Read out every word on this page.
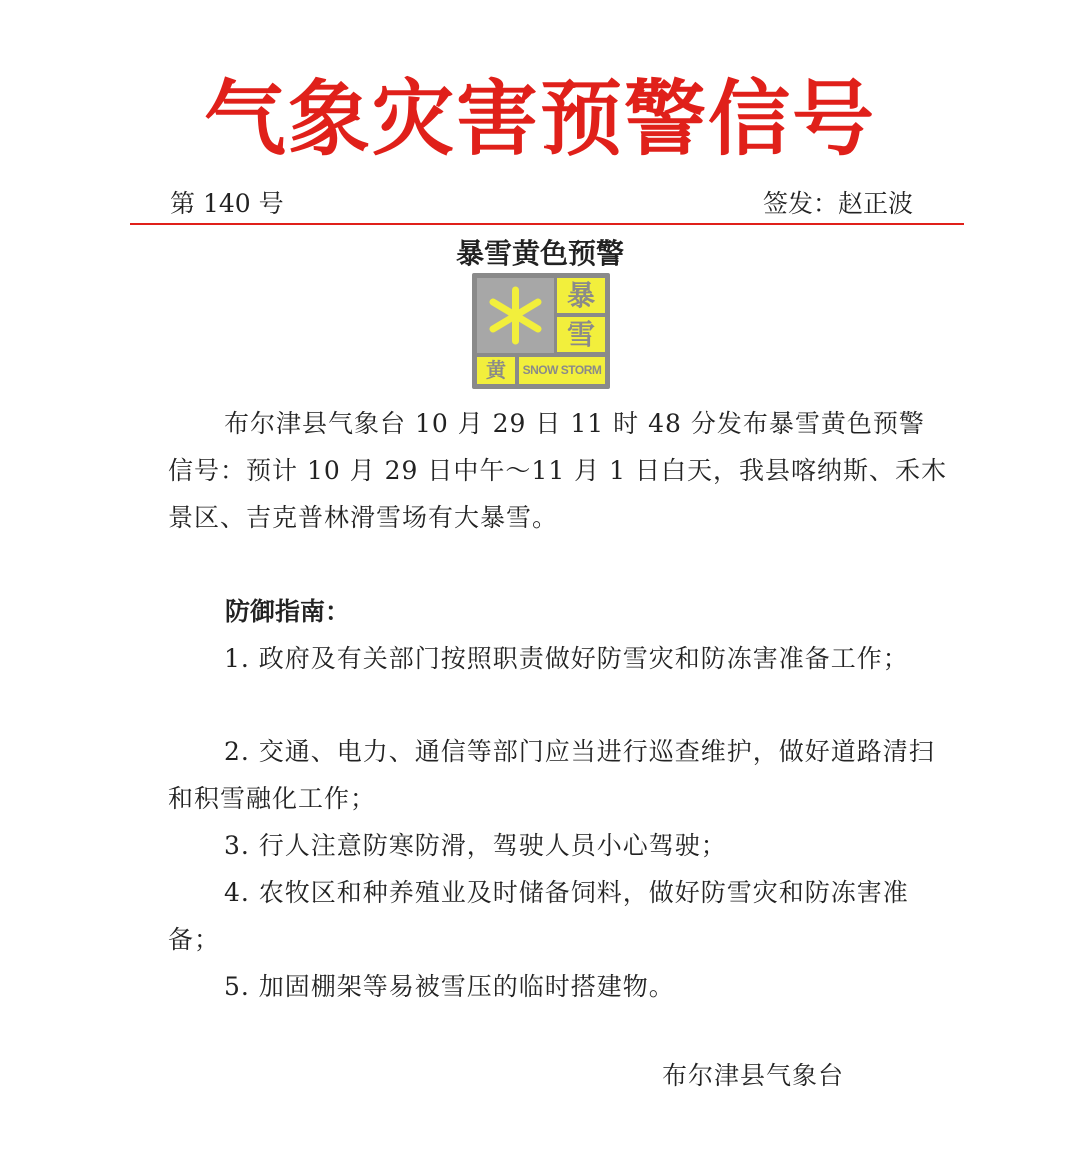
气象灾害预警信号
第 140 号	签发：赵正波
暴雪黄色预警
暴
雪
黄	SNOW STORM

布尔津县气象台 10 月 29 日 11 时 48 分发布暴雪黄色预警信号：预计 10 月 29 日中午～11 月 1 日白天，我县喀纳斯、禾木景区、吉克普林滑雪场有大暴雪。

防御指南：

1. 政府及有关部门按照职责做好防雪灾和防冻害准备工作；

2. 交通、电力、通信等部门应当进行巡查维护，做好道路清扫和积雪融化工作；

3. 行人注意防寒防滑，驾驶人员小心驾驶；

4. 农牧区和种养殖业及时储备饲料，做好防雪灾和防冻害准备；

5. 加固棚架等易被雪压的临时搭建物。

布尔津县气象台
